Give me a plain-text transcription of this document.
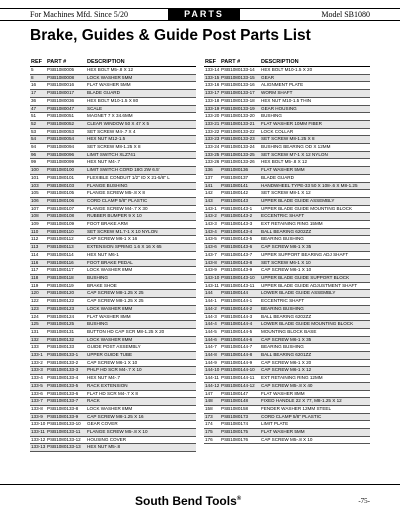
For Machines Mfd. Since 5/20	PARTS	Model SB1080
Brake, Guides & Guide Post Parts List
REF	PART #	DESCRIPTION
5	PSB1080005	HEX BOLT M5-.8 X 12
8	PSB1080008	LOCK WASHER 5MM
16	PSB1080016	FLAT WASHER 5MM
17	PSB1080017	BLADE GUARD
36	PSB1080036	HEX BOLT M10-1.5 X 80
47	PSB1080047	SCALE
51	PSB1080051	MAGNET 7 X 34.6MM
52	PSB1080052	CLEAR WINDOW 50 X 47 X 5
53	PSB1080053	SET SCREW M4-.7 X 4
54	PSB1080054	HEX NUT M12-1.5
94	PSB1080094	SET SCREW M8-1.25 X 8
96	PSB1080096	LIMIT SWITCH XLZ741
99	PSB1080099	HEX NUT M4-.7
100	PSB1080100	LIMIT SWITCH CORD 18G 2W 6.5'
101	PSB1080101	FLEXIBLE CONDUIT 1/2" ID X 21-5/8" L
103	PSB1080103	FLANGE BUSHING
105	PSB1080105	FLANGE SCREW M5-.8 X 8
106	PSB1080106	CORD CLAMP 5/8" PLASTIC
107	PSB1080107	FLANGE SCREW M4-.7 X 30
108	PSB1080108	RUBBER BUMPER 9 X 10
109	PSB1080109	FOOT BRAKE ARM
110	PSB1080110	SET SCREW M1.7-1 X 10 NYLON
112	PSB1080112	CAP SCREW M6-1 X 16
113	PSB1080113	EXTENSION SPRING 1.6 X 16 X 65
114	PSB1080114	HEX NUT M6-1
116	PSB1080116	FOOT BRAKE PEDAL
117	PSB1080117	LOCK WASHER 8MM
118	PSB1080118	BUSHING
119	PSB1080119	BRAKE SHOE
120	PSB1080120	CAP SCREW M8-1.25 X 25
122	PSB1080122	CAP SCREW M8-1.25 X 25
123	PSB1080123	LOCK WASHER 8MM
124	PSB1080124	FLAT WASHER 8MM
125	PSB1080125	BUSHING
131	PSB1080131	BUTTON HD CAP SCR M8-1.25 X 20
132	PSB1080132	LOCK WASHER 8MM
133	PSB1080133	GUIDE POST ASSEMBLY
133-1	PSB1080133-1	UPPER GUIDE TUBE
133-2	PSB1080133-2	CAP SCREW M6-1 X 10
133-3	PSB1080133-3	PHLP HD SCR M4-.7 X 10
133-4	PSB1080133-4	HEX NUT M4-.7
133-5	PSB1080133-5	RACK EXTENSION
133-6	PSB1080133-6	FLAT HD SCR M4-.7 X 8
133-7	PSB1080133-7	RACK
133-8	PSB1080133-8	LOCK WASHER 8MM
133-9	PSB1080133-9	CAP SCREW M8-1.25 X 16
133-10	PSB1080133-10	GEAR COVER
133-11	PSB1080133-11	FLANGE SCREW M5-.8 X 10
133-12	PSB1080133-12	HOUSING COVER
133-13	PSB1080133-13	HEX NUT M5-.8
REF	PART #	DESCRIPTION
133-14	PSB1080133-14	HEX BOLT M10-1.5 X 20
133-15	PSB1080133-15	GEAR
133-16	PSB1080133-16	ALIGNMENT PLATE
133-17	PSB1080133-17	WORM SHAFT
133-18	PSB1080133-18	HEX NUT M10-1.5 THIN
133-19	PSB1080133-19	GEAR HOUSING
133-20	PSB1080133-20	BUSHING
133-21	PSB1080133-21	FLAT WASHER 10MM FIBER
133-22	PSB1080133-22	LOCK COLLAR
133-23	PSB1080133-23	SET SCREW M8-1.25 X 8
133-24	PSB1080133-24	BUSHING BEARING OD X 12MM
133-25	PSB1080133-25	SET SCREW M7-1 X 12 NYLON
133-26	PSB1080133-26	HEX BOLT M5-.8 X 12
136	PSB1080136	FLAT WASHER 5MM
137	PSB1080137	BLADE GUARD
141	PSB1080141	HANDWHEEL TYPE-33 50 X 108-.6 X M8-1.25
142	PSB1080142	SET SCREW M8-1 X 12
143	PSB1080143	UPPER BLADE GUIDE ASSEMBLY
143-1	PSB1080143-1	UPPER BLADE GUIDE MOUNTING BLOCK
143-2	PSB1080143-2	ECCENTRIC SHAFT
143-3	PSB1080143-3	EXT RETAINING RING 15MM
143-4	PSB1080143-4	BALL BEARING 6202ZZ
143-5	PSB1080143-5	BEARING BUSHING
143-6	PSB1080143-6	CAP SCREW M6-1 X 35
143-7	PSB1080143-7	UPPER SUPPORT BEARING ADJ SHAFT
143-8	PSB1080143-8	SET SCREW M6-1 X 10
143-9	PSB1080143-9	CAP SCREW M6-1 X 10
143-10	PSB1080143-10	UPPER BLADE GUIDE SUPPORT BLOCK
143-11	PSB1080143-11	UPPER BLADE GUIDE ADJUSTMENT SHAFT
144	PSB1080144	LOWER BLADE GUIDE ASSEMBLY
144-1	PSB1080144-1	ECCENTRIC SHAFT
144-2	PSB1080144-2	BEARING BUSHING
144-3	PSB1080144-3	BALL BEARING 6202ZZ
144-4	PSB1080144-4	LOWER BLADE GUIDE MOUNTING BLOCK
144-5	PSB1080144-5	MOUNTING BLOCK BASE
144-6	PSB1080144-6	CAP SCREW M6-1 X 35
144-7	PSB1080144-7	BEARING BUSHING
144-8	PSB1080144-8	BALL BEARING 6201ZZ
144-9	PSB1080144-9	CAP SCREW M6-1 X 20
144-10	PSB1080144-10	CAP SCREW M6-1 X 12
144-11	PSB1080144-11	EXT RETAINING RING 12MM
144-12	PSB1080144-12	CAP SCREW M5-.8 X 40
147	PSB1080147	FLAT WASHER 8MM
148	PSB1080148	FIXED HANDLE 22 X 77, M8-1.25 X 12
158	PSB1080158	FENDER WASHER 12MM STEEL
173	PSB1080173	CORD CLAMP 5/8" PLASTIC
174	PSB1080174	LIMIT PLATE
175	PSB1080175	FLAT WASHER 5MM
176	PSB1080176	CAP SCREW M5-.8 X 10
South Bend Tools®	-75-
